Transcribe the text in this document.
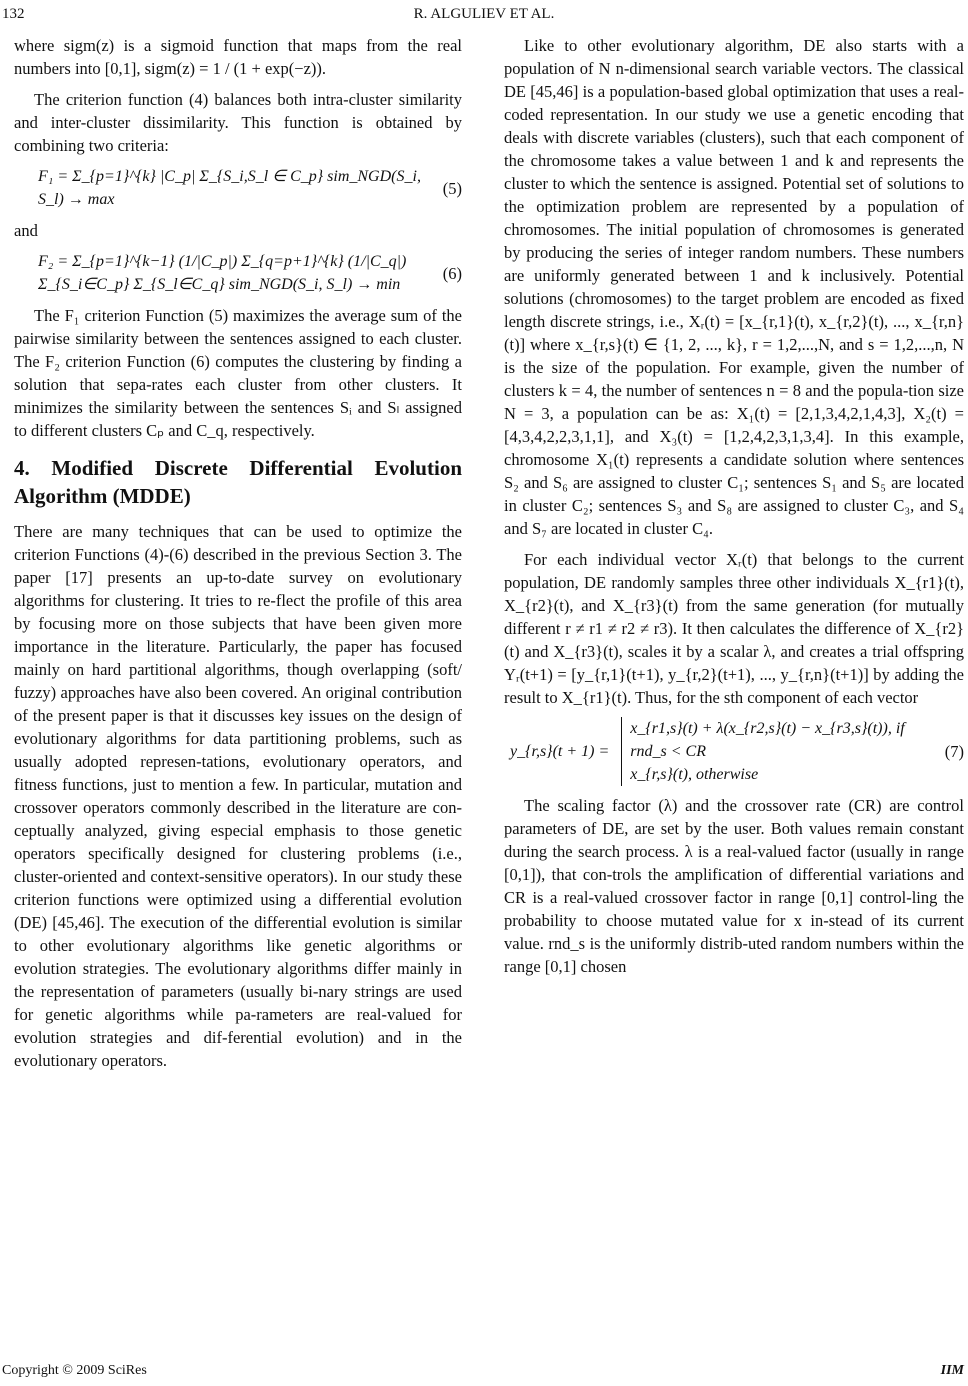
132	R. ALGULIEV ET AL.

where sigm(z) is a sigmoid function that maps from the real numbers into [0,1], sigm(z) = 1 / (1 + exp(−z)).

The criterion function (4) balances both intra-cluster similarity and inter-cluster dissimilarity. This function is obtained by combining two criteria:

F₁ = Σ_{p=1}^{k} |C_p| Σ_{S_i,S_l ∈ C_p} sim_NGD(S_i, S_l) → max
(5)

and

F₂ = Σ_{p=1}^{k−1} (1/|C_p|) Σ_{q=p+1}^{k} (1/|C_q|) Σ_{S_i∈C_p} Σ_{S_l∈C_q} sim_NGD(S_i, S_l) → min
(6)

The F₁ criterion Function (5) maximizes the average sum of the pairwise similarity between the sentences assigned to each cluster. The F₂ criterion Function (6) computes the clustering by finding a solution that sepa-rates each cluster from other clusters. It minimizes the similarity between the sentences Sᵢ and Sₗ assigned to different clusters Cₚ and C_q, respectively.

4. Modified Discrete Differential Evolution Algorithm (MDDE)

There are many techniques that can be used to optimize the criterion Functions (4)-(6) described in the previous Section 3. The paper [17] presents an up-to-date survey on evolutionary algorithms for clustering. It tries to re-flect the profile of this area by focusing more on those subjects that have been given more importance in the literature. Particularly, the paper has focused mainly on hard partitional algorithms, though overlapping (soft/ fuzzy) approaches have also been covered. An original contribution of the present paper is that it discusses key issues on the design of evolutionary algorithms for data partitioning problems, such as usually adopted represen-tations, evolutionary operators, and fitness functions, just to mention a few. In particular, mutation and crossover operators commonly described in the literature are con-ceptually analyzed, giving especial emphasis to those genetic operators specifically designed for clustering problems (i.e., cluster-oriented and context-sensitive operators). In our study these criterion functions were optimized using a differential evolution (DE) [45,46]. The execution of the differential evolution is similar to other evolutionary algorithms like genetic algorithms or evolution strategies. The evolutionary algorithms differ mainly in the representation of parameters (usually bi-nary strings are used for genetic algorithms while pa-rameters are real-valued for evolution strategies and dif-ferential evolution) and in the evolutionary operators.

Like to other evolutionary algorithm, DE also starts with a population of N n-dimensional search variable vectors. The classical DE [45,46] is a population-based global optimization that uses a real-coded representation. In our study we use a genetic encoding that deals with discrete variables (clusters), such that each component of the chromosome takes a value between 1 and k and represents the cluster to which the sentence is assigned. Potential set of solutions to the optimization problem are represented by a population of chromosomes. The initial population of chromosomes is generated by producing the series of integer random numbers. These numbers are uniformly generated between 1 and k inclusively. Potential solutions (chromosomes) to the target problem are encoded as fixed length discrete strings, i.e., Xᵣ(t) = [x_{r,1}(t), x_{r,2}(t), ..., x_{r,n}(t)] where x_{r,s}(t) ∈ {1, 2, ..., k}, r = 1,2,...,N, and s = 1,2,...,n, N is the size of the population. For example, given the number of clusters k = 4, the number of sentences n = 8 and the popula-tion size N = 3, a population can be as: X₁(t) = [2,1,3,4,2,1,4,3], X₂(t) = [4,3,4,2,2,3,1,1], and X₃(t) = [1,2,4,2,3,1,3,4]. In this example, chromosome X₁(t) represents a candidate solution where sentences S₂ and S₆ are assigned to cluster C₁; sentences S₁ and S₅ are located in cluster C₂; sentences S₃ and S₈ are assigned to cluster C₃, and S₄ and S₇ are located in cluster C₄.

For each individual vector Xᵣ(t) that belongs to the current population, DE randomly samples three other individuals X_{r1}(t), X_{r2}(t), and X_{r3}(t) from the same generation (for mutually different r ≠ r1 ≠ r2 ≠ r3). It then calculates the difference of X_{r2}(t) and X_{r3}(t), scales it by a scalar λ, and creates a trial offspring Yᵣ(t+1) = [y_{r,1}(t+1), y_{r,2}(t+1), ..., y_{r,n}(t+1)] by adding the result to X_{r1}(t). Thus, for the sth component of each vector

y_{r,s}(t + 1) =
x_{r1,s}(t) + λ(x_{r2,s}(t) − x_{r3,s}(t)), if rnd_s < CR
x_{r,s}(t), otherwise
(7)

The scaling factor (λ) and the crossover rate (CR) are control parameters of DE, are set by the user. Both values remain constant during the search process. λ is a real-valued factor (usually in range [0,1]), that con-trols the amplification of differential variations and CR is a real-valued crossover factor in range [0,1] control-ling the probability to choose mutated value for x in-stead of its current value. rnd_s is the uniformly distrib-uted random numbers within the range [0,1] chosen

Copyright © 2009 SciRes	IIM
